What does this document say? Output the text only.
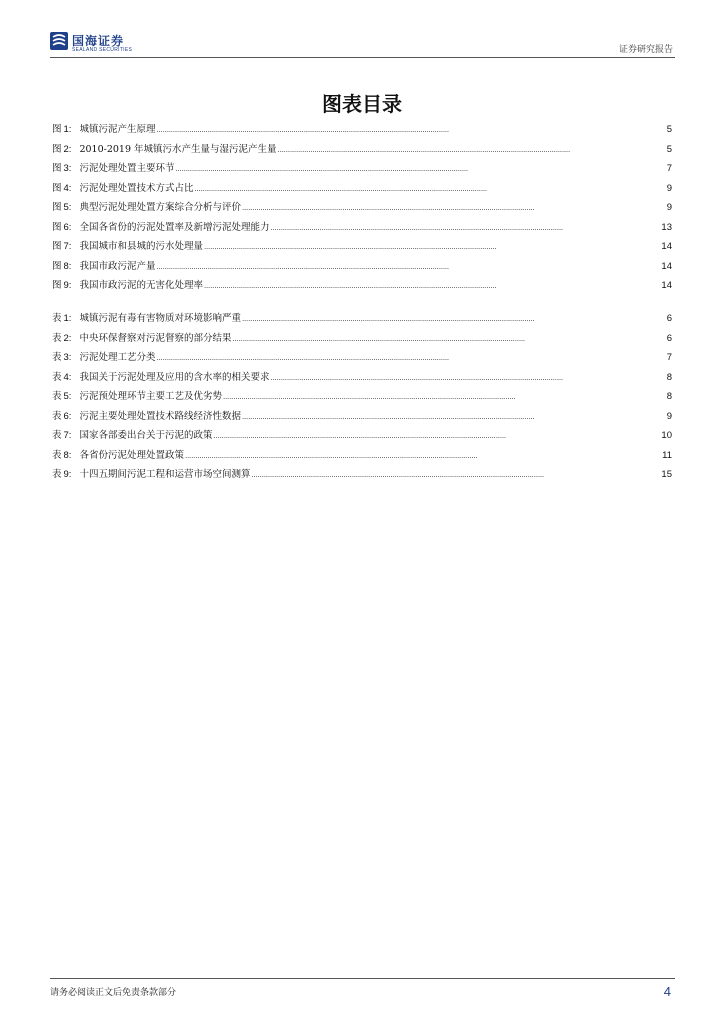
国海证券
SEALAND SECURITIES	证券研究报告
图表目录
图 1: 城镇污泥产生原理 . . .	5
图 2: 2010-2019 年城镇污水产生量与湿污泥产生量 . . .	5
图 3: 污泥处理处置主要环节 . . .	7
图 4: 污泥处理处置技术方式占比 . . .	9
图 5: 典型污泥处理处置方案综合分析与评价 . . .	9
图 6: 全国各省份的污泥处置率及新增污泥处理能力 . . .	13
图 7: 我国城市和县城的污水处理量 . . .	14
图 8: 我国市政污泥产量 . . .	14
图 9: 我国市政污泥的无害化处理率 . . .	14
表 1: 城镇污泥有毒有害物质对环境影响严重 . . .	6
表 2: 中央环保督察对污泥督察的部分结果 . . .	6
表 3: 污泥处理工艺分类 . . .	7
表 4: 我国关于污泥处理及应用的含水率的相关要求 . . .	8
表 5: 污泥预处理环节主要工艺及优劣势 . . .	8
表 6: 污泥主要处理处置技术路线经济性数据 . . .	9
表 7: 国家各部委出台关于污泥的政策 . . .	10
表 8: 各省份污泥处理处置政策 . . .	11
表 9: 十四五期间污泥工程和运营市场空间测算 . . .	15
请务必阅读正文后免责条款部分	4
